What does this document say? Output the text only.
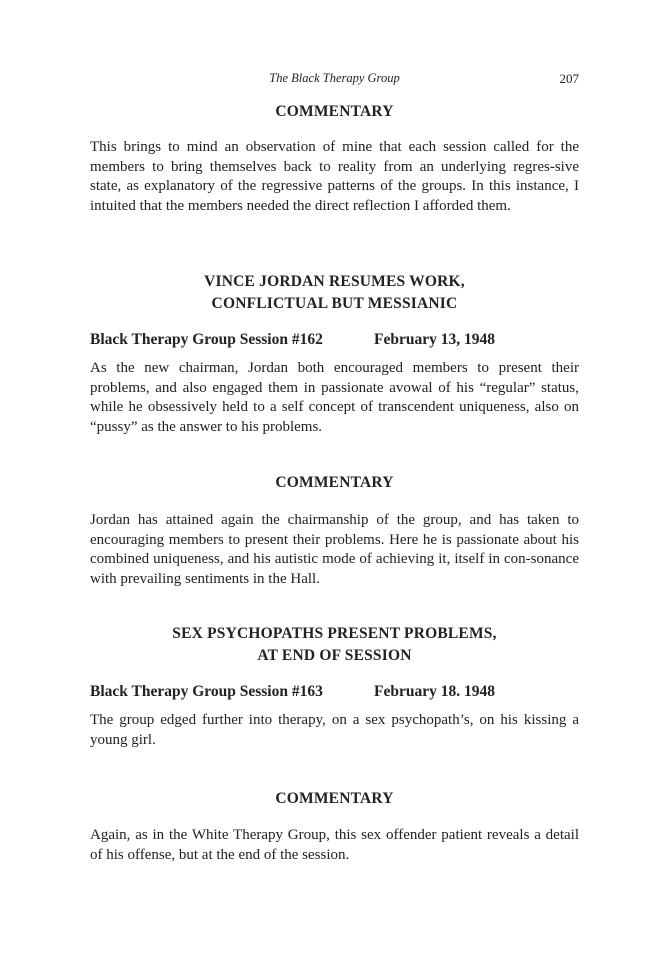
The Black Therapy Group	207
COMMENTARY
This brings to mind an observation of mine that each session called for the members to bring themselves back to reality from an underlying regres-sive state, as explanatory of the regressive patterns of the groups. In this instance, I intuited that the members needed the direct reflection I afforded them.
VINCE JORDAN RESUMES WORK,
CONFLICTUAL BUT MESSIANIC
Black Therapy Group Session #162	February 13, 1948
As the new chairman, Jordan both encouraged members to present their problems, and also engaged them in passionate avowal of his “regular” status, while he obsessively held to a self concept of transcendent uniqueness, also on “pussy” as the answer to his problems.
COMMENTARY
Jordan has attained again the chairmanship of the group, and has taken to encouraging members to present their problems. Here he is passionate about his combined uniqueness, and his autistic mode of achieving it, itself in con-sonance with prevailing sentiments in the Hall.
SEX PSYCHOPATHS PRESENT PROBLEMS,
AT END OF SESSION
Black Therapy Group Session #163	February 18. 1948
The group edged further into therapy, on a sex psychopath’s, on his kissing a young girl.
COMMENTARY
Again, as in the White Therapy Group, this sex offender patient reveals a detail of his offense, but at the end of the session.
